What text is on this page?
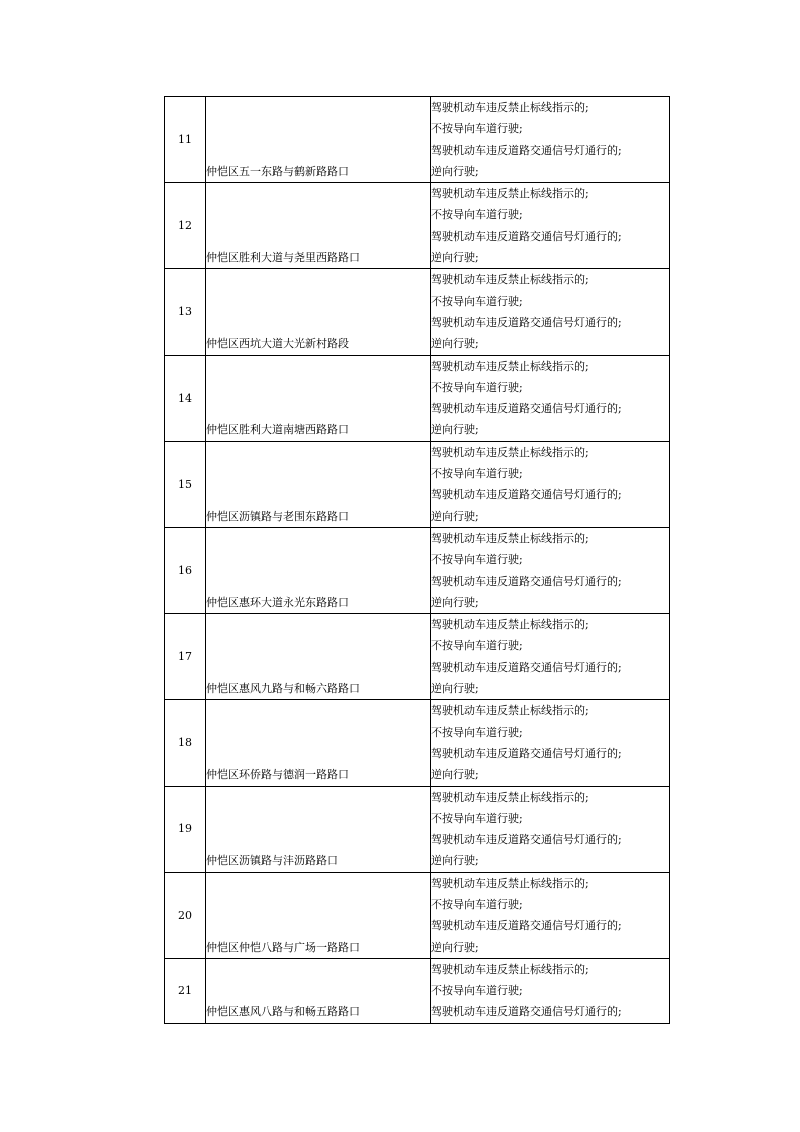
11	仲恺区五一东路与鹤新路路口	驾驶机动车违反禁止标线指示的;
不按导向车道行驶;
驾驶机动车违反道路交通信号灯通行的;
逆向行驶;

12	仲恺区胜利大道与尧里西路路口	驾驶机动车违反禁止标线指示的;
不按导向车道行驶;
驾驶机动车违反道路交通信号灯通行的;
逆向行驶;

13	仲恺区西坑大道大光新村路段	驾驶机动车违反禁止标线指示的;
不按导向车道行驶;
驾驶机动车违反道路交通信号灯通行的;
逆向行驶;

14	仲恺区胜利大道南塘西路路口	驾驶机动车违反禁止标线指示的;
不按导向车道行驶;
驾驶机动车违反道路交通信号灯通行的;
逆向行驶;

15	仲恺区沥镇路与老围东路路口	驾驶机动车违反禁止标线指示的;
不按导向车道行驶;
驾驶机动车违反道路交通信号灯通行的;
逆向行驶;

16	仲恺区惠环大道永光东路路口	驾驶机动车违反禁止标线指示的;
不按导向车道行驶;
驾驶机动车违反道路交通信号灯通行的;
逆向行驶;

17	仲恺区惠风九路与和畅六路路口	驾驶机动车违反禁止标线指示的;
不按导向车道行驶;
驾驶机动车违反道路交通信号灯通行的;
逆向行驶;

18	仲恺区环侨路与德润一路路口	驾驶机动车违反禁止标线指示的;
不按导向车道行驶;
驾驶机动车违反道路交通信号灯通行的;
逆向行驶;

19	仲恺区沥镇路与沣沥路路口	驾驶机动车违反禁止标线指示的;
不按导向车道行驶;
驾驶机动车违反道路交通信号灯通行的;
逆向行驶;

20	仲恺区仲恺八路与广场一路路口	驾驶机动车违反禁止标线指示的;
不按导向车道行驶;
驾驶机动车违反道路交通信号灯通行的;
逆向行驶;

21	仲恺区惠风八路与和畅五路路口	驾驶机动车违反禁止标线指示的;
不按导向车道行驶;
驾驶机动车违反道路交通信号灯通行的;
